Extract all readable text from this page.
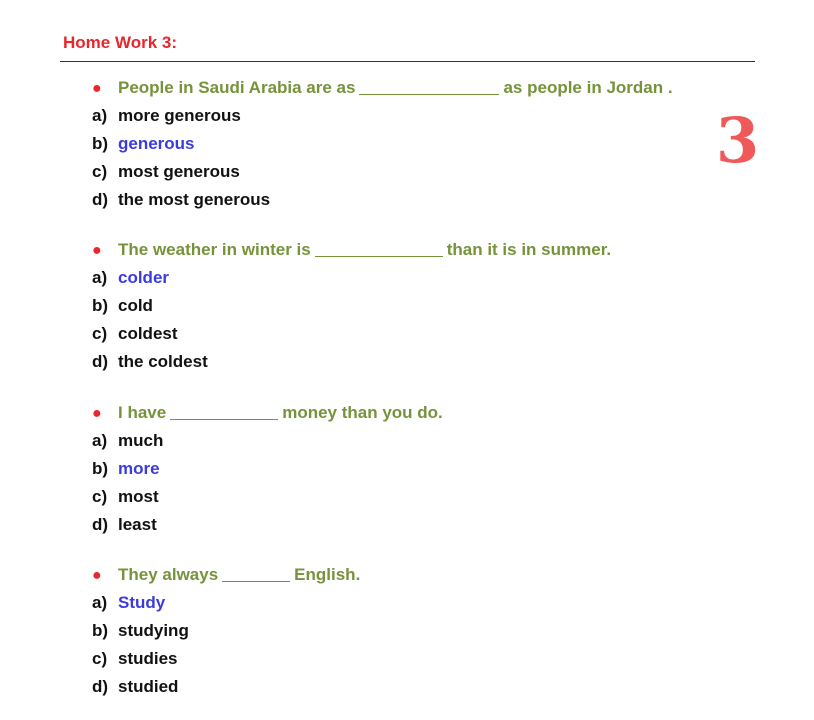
Home Work 3:
3
● People in Saudi Arabia are as	as people in Jordan .
a) more generous
b) generous
c) most generous
d) the most generous
● The weather in winter is	than it is in summer.
a) colder
b) cold
c) coldest
d) the coldest
● I have	money than you do.
a) much
b) more
c) most
d) least
● They always	English.
a) Study
b) studying
c) studies
d) studied
